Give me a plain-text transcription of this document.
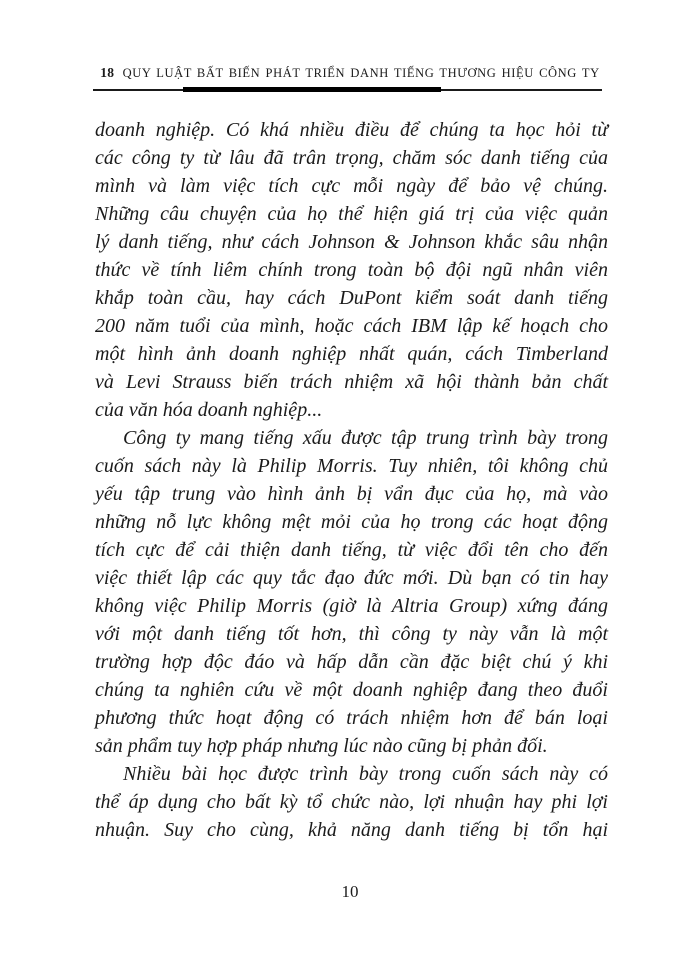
18 QUY LUẬT BẤT BIẾN PHÁT TRIỂN DANH TIẾNG THƯƠNG HIỆU CÔNG TY
doanh nghiệp. Có khá nhiều điều để chúng ta học hỏi từ
các công ty từ lâu đã trân trọng, chăm sóc danh tiếng của
mình và làm việc tích cực mỗi ngày để bảo vệ chúng.
Những câu chuyện của họ thể hiện giá trị của việc quản
lý danh tiếng, như cách Johnson & Johnson khắc sâu nhận
thức về tính liêm chính trong toàn bộ đội ngũ nhân viên
khắp toàn cầu, hay cách DuPont kiểm soát danh tiếng
200 năm tuổi của mình, hoặc cách IBM lập kế hoạch cho
một hình ảnh doanh nghiệp nhất quán, cách Timberland
và Levi Strauss biến trách nhiệm xã hội thành bản chất
của văn hóa doanh nghiệp...
Công ty mang tiếng xấu được tập trung trình bày trong
cuốn sách này là Philip Morris. Tuy nhiên, tôi không chủ
yếu tập trung vào hình ảnh bị vẩn đục của họ, mà vào
những nỗ lực không mệt mỏi của họ trong các hoạt động
tích cực để cải thiện danh tiếng, từ việc đổi tên cho đến
việc thiết lập các quy tắc đạo đức mới. Dù bạn có tin hay
không việc Philip Morris (giờ là Altria Group) xứng đáng
với một danh tiếng tốt hơn, thì công ty này vẫn là một
trường hợp độc đáo và hấp dẫn cần đặc biệt chú ý khi
chúng ta nghiên cứu về một doanh nghiệp đang theo đuổi
phương thức hoạt động có trách nhiệm hơn để bán loại
sản phẩm tuy hợp pháp nhưng lúc nào cũng bị phản đối.
Nhiều bài học được trình bày trong cuốn sách này có
thể áp dụng cho bất kỳ tổ chức nào, lợi nhuận hay phi lợi
nhuận. Suy cho cùng, khả năng danh tiếng bị tổn hại
10
